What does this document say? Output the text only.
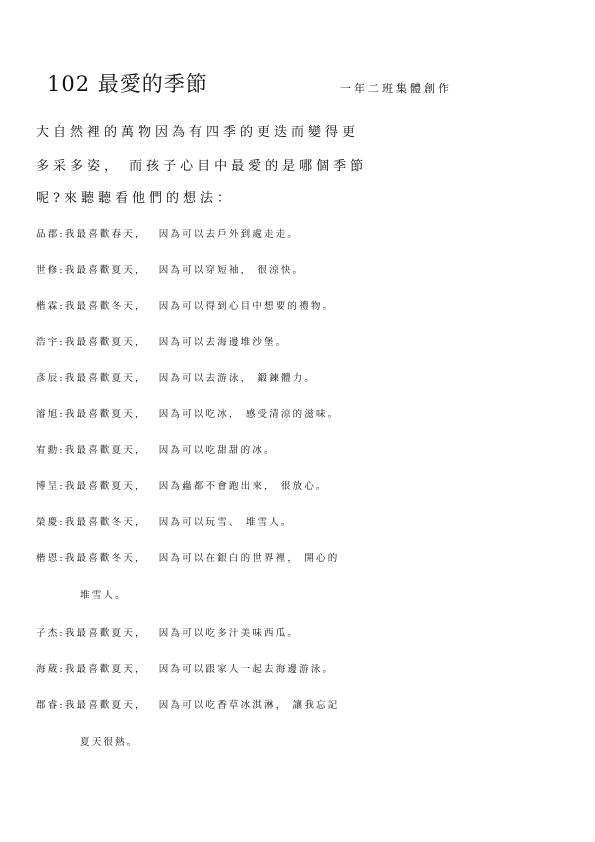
102 最愛的季節	一年二班集體創作
大自然裡的萬物因為有四季的更迭而變得更
多采多姿， 而孩子心目中最愛的是哪個季節
呢?來聽聽看他們的想法：
品郡:我最喜歡春天， 因為可以去戶外到處走走。
世修:我最喜歡夏天， 因為可以穿短袖， 很涼快。
楷霖:我最喜歡冬天， 因為可以得到心目中想要的禮物。
浩宇:我最喜歡夏天， 因為可以去海邊堆沙堡。
彥辰:我最喜歡夏天， 因為可以去游泳， 鍛鍊體力。
濬旭:我最喜歡夏天， 因為可以吃冰， 感受清涼的滋味。
宥勳:我最喜歡夏天， 因為可以吃甜甜的冰。
博呈:我最喜歡夏天， 因為蟲都不會跑出來， 很放心。
榮慶:我最喜歡冬天， 因為可以玩雪、 堆雪人。
楷恩:我最喜歡冬天， 因為可以在銀白的世界裡， 開心的
堆雪人。
子杰:我最喜歡夏天， 因為可以吃多汁美味西瓜。
海葳:我最喜歡夏天， 因為可以跟家人一起去海邊游泳。
郡睿:我最喜歡夏天， 因為可以吃香草冰淇淋， 讓我忘記
夏天很熱。
